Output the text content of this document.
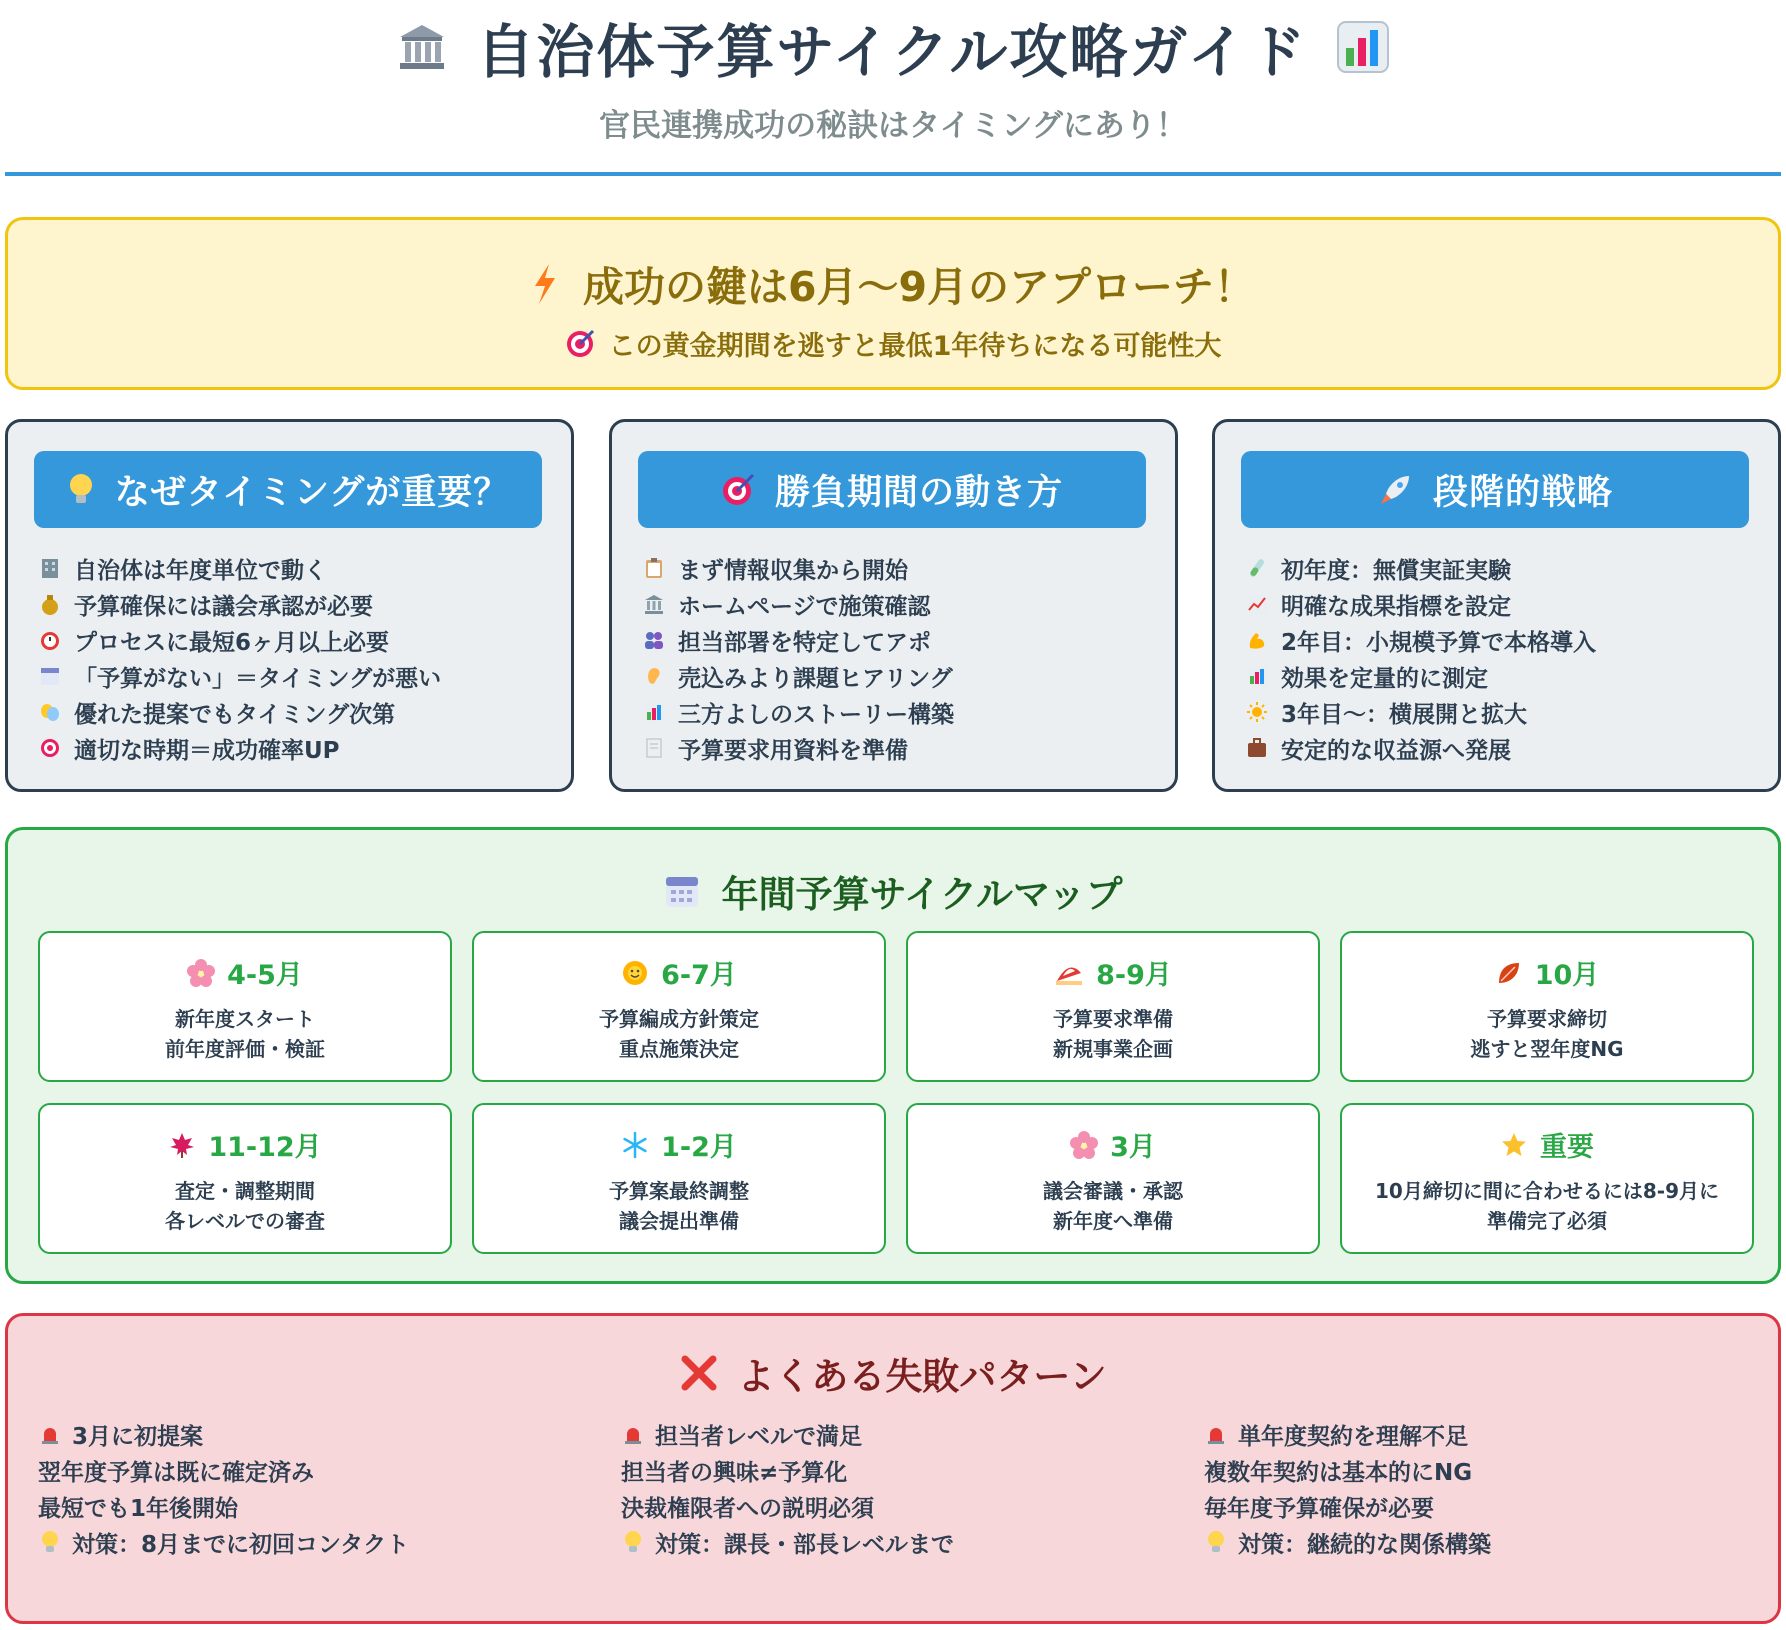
自治体予算サイクル攻略ガイド
官民連携成功の秘訣はタイミングにあり！
成功の鍵は6月〜9月のアプローチ！
この黄金期間を逃すと最低1年待ちになる可能性大
なぜタイミングが重要？
自治体は年度単位で動く
予算確保には議会承認が必要
プロセスに最短6ヶ月以上必要
「予算がない」＝タイミングが悪い
優れた提案でもタイミング次第
適切な時期＝成功確率UP
勝負期間の動き方
まず情報収集から開始
ホームページで施策確認
担当部署を特定してアポ
売込みより課題ヒアリング
三方よしのストーリー構築
予算要求用資料を準備
段階的戦略
初年度：無償実証実験
明確な成果指標を設定
2年目：小規模予算で本格導入
効果を定量的に測定
3年目〜：横展開と拡大
安定的な収益源へ発展
年間予算サイクルマップ
4-5月
新年度スタート
前年度評価・検証
6-7月
予算編成方針策定
重点施策決定
8-9月
予算要求準備
新規事業企画
10月
予算要求締切
逃すと翌年度NG
11-12月
査定・調整期間
各レベルでの審査
1-2月
予算案最終調整
議会提出準備
3月
議会審議・承認
新年度へ準備
重要
10月締切に間に合わせるには8-9月に
準備完了必須
よくある失敗パターン
3月に初提案
翌年度予算は既に確定済み
最短でも1年後開始
対策：8月までに初回コンタクト
担当者レベルで満足
担当者の興味≠予算化
決裁権限者への説明必須
対策：課長・部長レベルまで
単年度契約を理解不足
複数年契約は基本的にNG
毎年度予算確保が必要
対策：継続的な関係構築
